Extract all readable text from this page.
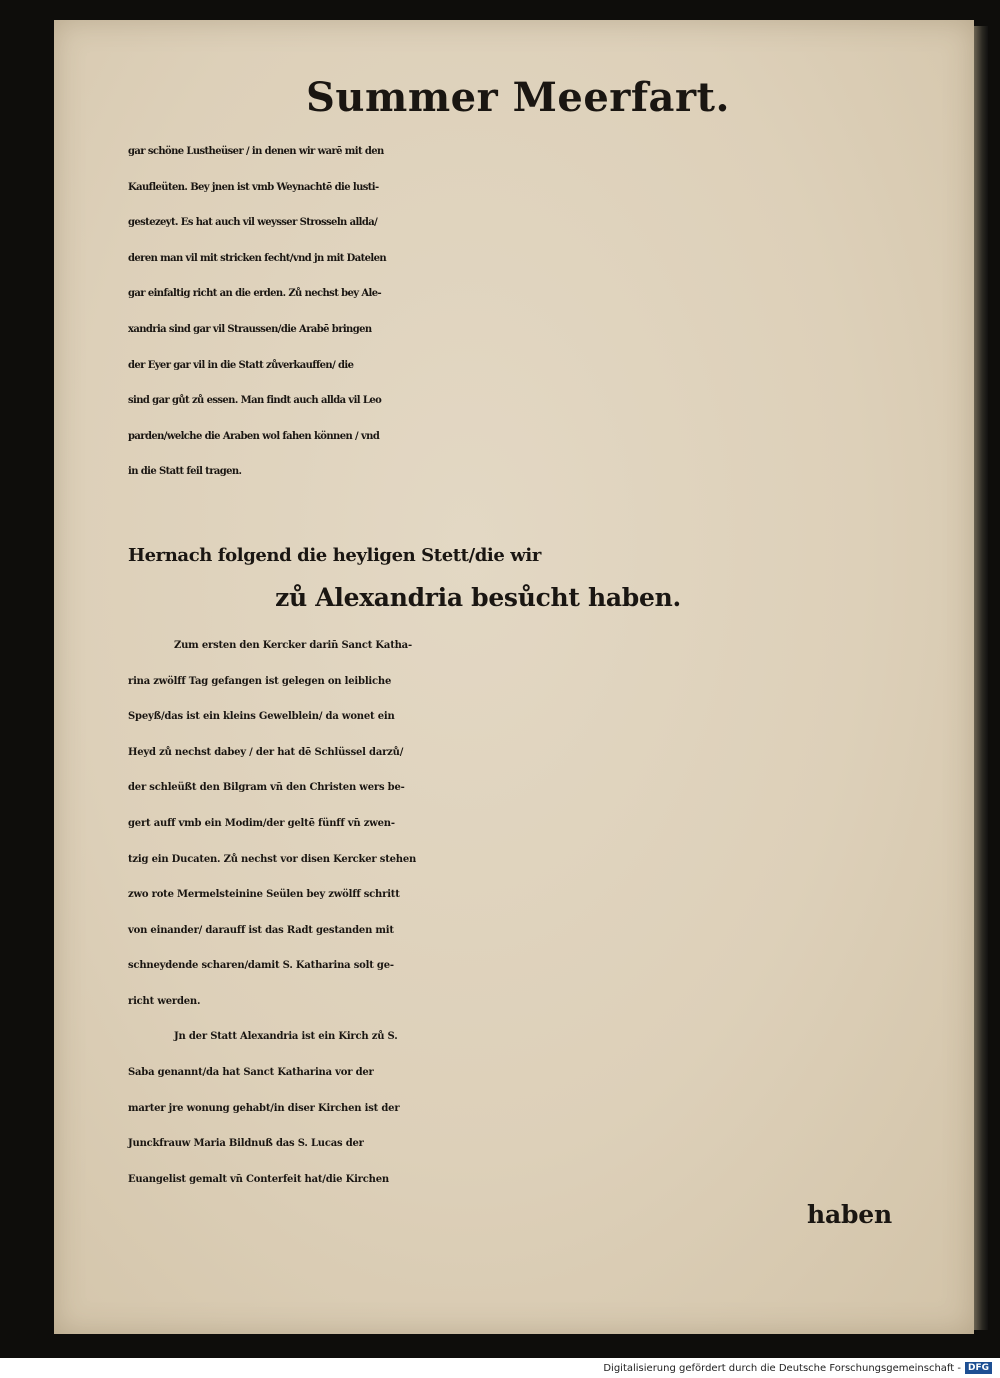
Summer Meerfart.
gar schöne Lustheüser / in denen wir warē mit den
Kaufleüten. Bey jnen ist vmb Weynachtē die lusti-
gestezeyt. Es hat auch vil weysser Strosseln allda/
deren man vil mit stricken fecht/vnd jn mit Datelen
gar einfaltig richt an die erden. Zů nechst bey Ale-
xandria sind gar vil Straussen/die Arabē bringen
der Eyer gar vil in die Statt zůverkauffen/ die
sind gar gůt zů essen. Man findt auch allda vil Leo
parden/welche die Araben wol fahen können / vnd
in die Statt feil tragen.
Hernach folgend die heyligen Stett/die wir
zů Alexandria besůcht haben.
Zum ersten den Kercker darin̄ Sanct Katha-
rina zwölff Tag gefangen ist gelegen on leibliche
Speyß/das ist ein kleins Gewelblein/ da wonet ein
Heyd zů nechst dabey / der hat dē Schlüssel darzů/
der schleüßt den Bilgram vn̄ den Christen wers be-
gert auff vmb ein Modim/der geltē fünff vn̄ zwen-
tzig ein Ducaten. Zů nechst vor disen Kercker stehen
zwo rote Mermelsteinine Seülen bey zwölff schritt
von einander/ darauff ist das Radt gestanden mit
schneydende scharen/damit S. Katharina solt ge-
richt werden.
Jn der Statt Alexandria ist ein Kirch zů S.
Saba genannt/da hat Sanct Katharina vor der
marter jre wonung gehabt/in diser Kirchen ist der
Junckfrauw Maria Bildnuß das S. Lucas der
Euangelist gemalt vn̄ Conterfeit hat/die Kirchen
haben
Digitalisierung gefördert durch die Deutsche Forschungsgemeinschaft - DFG
